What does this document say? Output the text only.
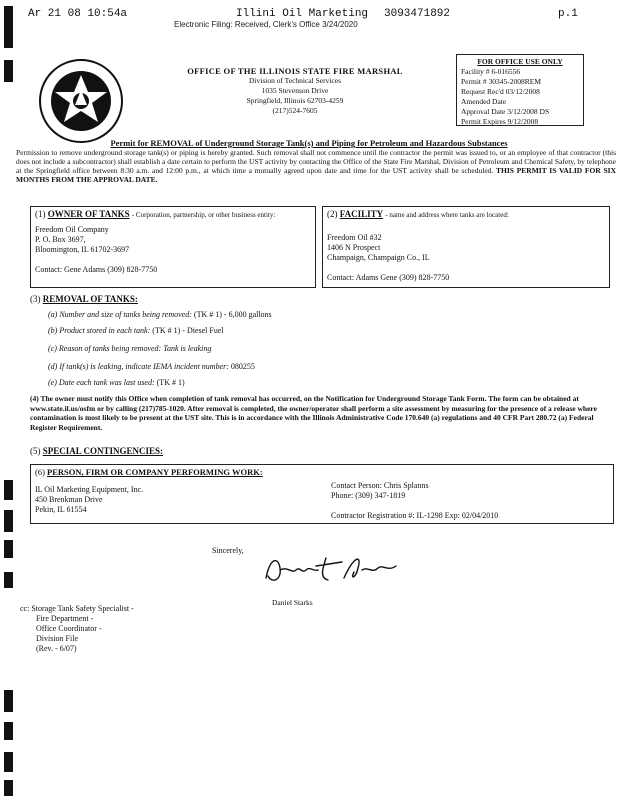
Ar 21 08 10:54a

	Illini Oil Marketing

3093471892

	p.1

Electronic Filing: Received, Clerk's Office 3/24/2020
OFFICE OF THE ILLINOIS STATE FIRE MARSHAL
Division of Technical Services
1035 Stevenson Drive
Springfield, Illinois 62703-4259
(217)524-7605
FOR OFFICE USE ONLY
Facility # 6-016556
Permit # 30345-2008REM
Request Rec'd 03/12/2008
Amended Date
Approval Date 3/12/2008 DS
Permit Expires 9/12/2008
Permit for REMOVAL of Underground Storage Tank(s) and Piping for Petroleum and Hazardous Substances
Permission to remove underground storage tank(s) or piping is hereby granted. Such removal shall not commence until the contractor the permit was issued to, or an employee of that contractor (this does not include a subcontractor) shall establish a date certain to perform the UST activity by contacting the Office of the State Fire Marshal, Division of Petroleum and Chemical Safety, by telephone at the Springfield office between 8:30 a.m. and 12:00 p.m., at which time a mutually agreed upon date and time for the UST activity shall be scheduled. THIS PERMIT IS VALID FOR SIX MONTHS FROM THE APPROVAL DATE.
(1) OWNER OF TANKS - Corporation, partnership, or other business entity:
Freedom Oil Company
P. O. Box 3697,
Bloomington, IL 61702-3697
Contact: Gene Adams (309) 828-7750
(2) FACILITY - name and address where tanks are located:
Freedom Oil #32
1406 N Prospect
Champaign, Champaign Co., IL
Contact: Adams Gene (309) 828-7750
(3) REMOVAL OF TANKS:
(a) Number and size of tanks being removed: (TK # 1) - 6,000 gallons
(b) Product stored in each tank: (TK # 1) - Diesel Fuel
(c) Reason of tanks being removed: Tank is leaking
(d) If tank(s) is leaking, indicate IEMA incident number: 080255
(e) Date each tank was last used: (TK # 1)
(4) The owner must notify this Office when completion of tank removal has occurred, on the Notification for Underground Storage Tank Form. The form can be obtained at www.state.il.us/osfm or by calling (217)785-1020. After removal is completed, the owner/operator shall perform a site assessment by measuring for the presence of a release where contamination is most likely to be present at the UST site. This is in accordance with the Illinois Administrative Code 170.640 (a) regulations and 40 CFR Part 280.72 (a) Federal Register Requirement.
(5) SPECIAL CONTINGENCIES:
(6) PERSON, FIRM OR COMPANY PERFORMING WORK:
IL Oil Marketing Equipment, Inc.
450 Brenkman Drive
Pekin, IL 61554
Contact Person: Chris Splanns
Phone: (309) 347-1819
Contractor Registration #: IL-1298 Exp: 02/04/2010
Sincerely,
Daniel Starks
cc: Storage Tank Safety Specialist -
Fire Department -
Office Coordinator -
Division File
(Rev. - 6/07)
